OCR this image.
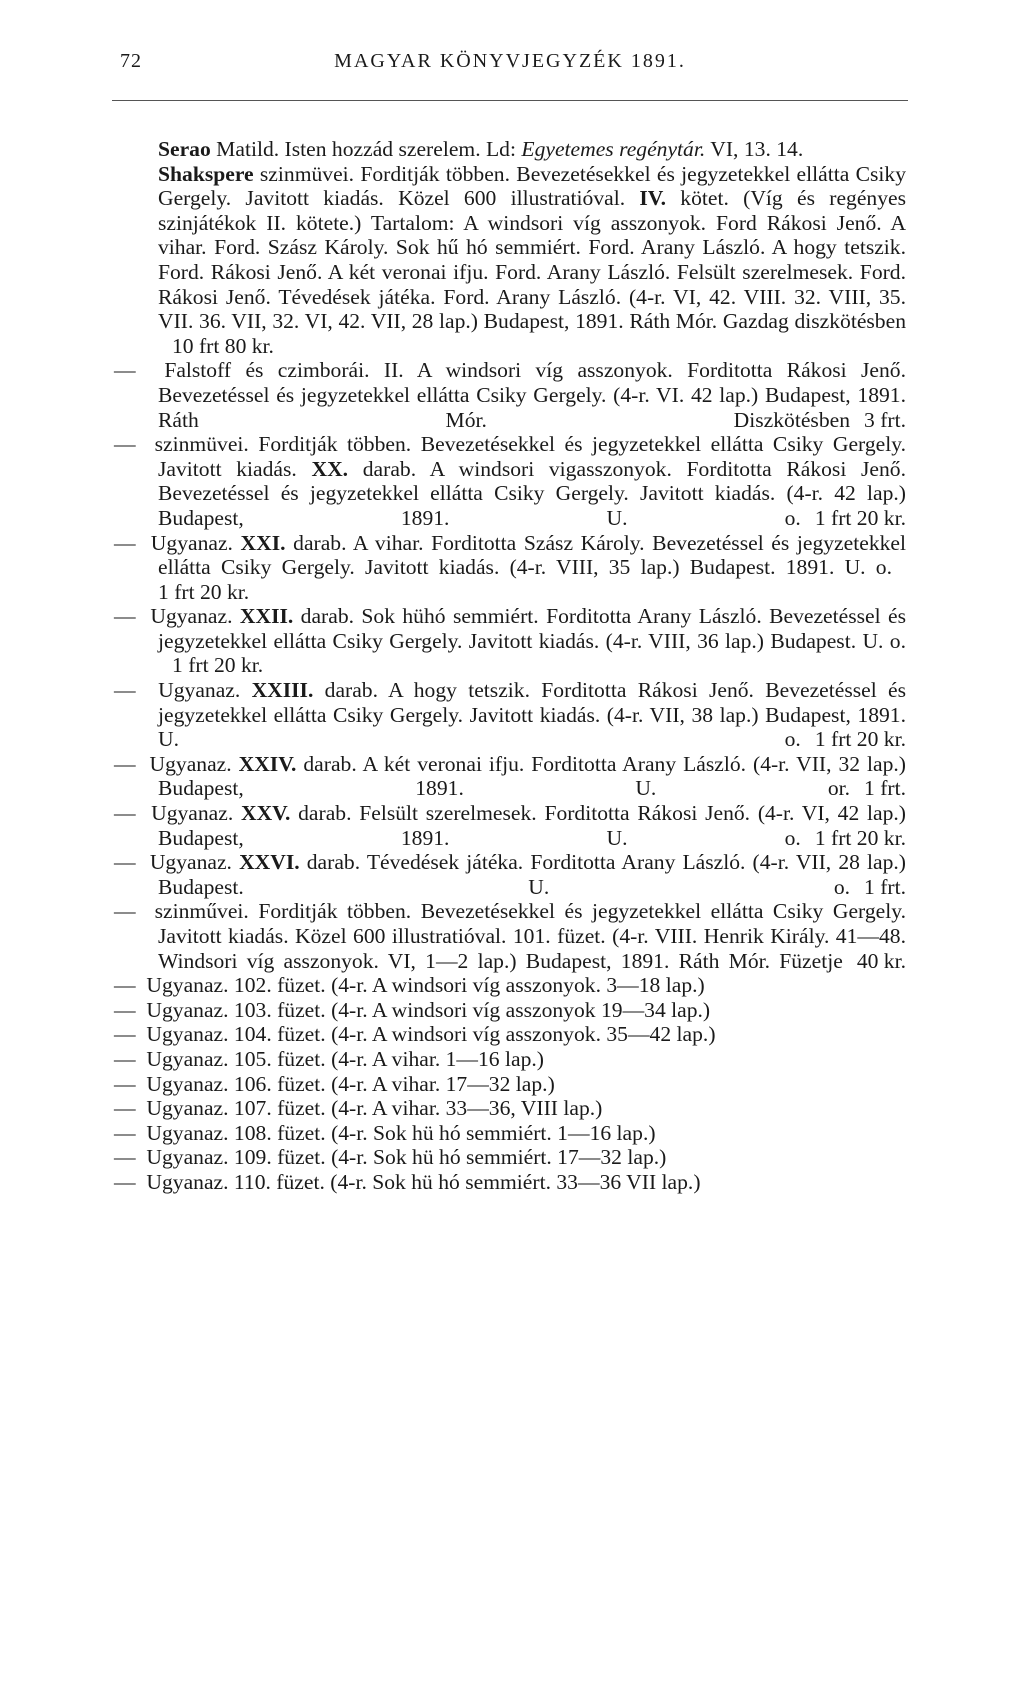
72	MAGYAR KÖNYVJEGYZÉK 1891.
Serao Matild. Isten hozzád szerelem. Ld: Egyetemes regénytár. VI, 13. 14.
Shakspere szinmüvei. Forditják többen. Bevezetésekkel és jegyzetekkel ellátta Csiky Gergely. Javitott kiadás. Közel 600 illustratióval. IV. kötet. (Víg és regényes szinjátékok II. kötete.) Tartalom: A windsori víg asszonyok. Ford Rákosi Jenő. A vihar. Ford. Szász Károly. Sok hű hó semmiért. Ford. Arany László. A hogy tetszik. Ford. Rákosi Jenő. A két veronai ifju. Ford. Arany László. Felsült szerelmesek. Ford. Rákosi Jenő. Tévedések játéka. Ford. Arany László. (4-r. VI, 42. VIII. 32. VIII, 35. VII. 36. VII, 32. VI, 42. VII, 28 lap.) Budapest, 1891. Ráth Mór. Gazdag diszkötésben10 frt 80 kr.
—  Falstoff és czimborái. II. A windsori víg asszonyok. Forditotta Rákosi Jenő. Bevezetéssel és jegyzetekkel ellátta Csiky Gergely. (4-r. VI. 42 lap.) Budapest, 1891. Ráth Mór. Diszkötésben 3 frt.
—  szinmüvei. Forditják többen. Bevezetésekkel és jegyzetekkel ellátta Csiky Gergely. Javitott kiadás. XX. darab. A windsori vigasszonyok. Forditotta Rákosi Jenő. Bevezetéssel és jegyzetekkel ellátta Csiky Gergely. Javitott kiadás. (4-r. 42 lap.) Budapest, 1891. U. o. 1 frt 20 kr.
—  Ugyanaz. XXI. darab. A vihar. Forditotta Szász Károly. Bevezetéssel és jegyzetekkel ellátta Csiky Gergely. Javitott kiadás. (4-r. VIII, 35 lap.) Budapest. 1891. U. o.1 frt 20 kr.
—  Ugyanaz. XXII. darab. Sok hühó semmiért. Forditotta Arany László. Bevezetéssel és jegyzetekkel ellátta Csiky Gergely. Javitott kiadás. (4-r. VIII, 36 lap.) Budapest. U. o.1 frt 20 kr.
—  Ugyanaz. XXIII. darab. A hogy tetszik. Forditotta Rákosi Jenő. Bevezetéssel és jegyzetekkel ellátta Csiky Gergely. Javitott kiadás. (4-r. VII, 38 lap.) Budapest, 1891. U. o. 1 frt 20 kr.
—  Ugyanaz. XXIV. darab. A két veronai ifju. Forditotta Arany László. (4-r. VII, 32 lap.) Budapest, 1891. U. or. 1 frt.
—  Ugyanaz. XXV. darab. Felsült szerelmesek. Forditotta Rákosi Jenő. (4-r. VI, 42 lap.) Budapest, 1891. U. o. 1 frt 20 kr.
—  Ugyanaz. XXVI. darab. Tévedések játéka. Forditotta Arany László. (4-r. VII, 28 lap.) Budapest. U. o. 1 frt.
—  szinművei. Forditják többen. Bevezetésekkel és jegyzetekkel ellátta Csiky Gergely. Javitott kiadás. Közel 600 illustratióval. 101. füzet. (4-r. VIII. Henrik Király. 41—48. Windsori víg asszonyok. VI, 1—2 lap.) Budapest, 1891. Ráth Mór. Füzetje 40 kr.
—  Ugyanaz. 102. füzet. (4-r. A windsori víg asszonyok. 3—18 lap.)
—  Ugyanaz. 103. füzet. (4-r. A windsori víg asszonyok 19—34 lap.)
—  Ugyanaz. 104. füzet. (4-r. A windsori víg asszonyok. 35—42 lap.)
—  Ugyanaz. 105. füzet. (4-r. A vihar. 1—16 lap.)
—  Ugyanaz. 106. füzet. (4-r. A vihar. 17—32 lap.)
—  Ugyanaz. 107. füzet. (4-r. A vihar. 33—36, VIII lap.)
—  Ugyanaz. 108. füzet. (4-r. Sok hü hó semmiért. 1—16 lap.)
—  Ugyanaz. 109. füzet. (4-r. Sok hü hó semmiért. 17—32 lap.)
—  Ugyanaz. 110. füzet. (4-r. Sok hü hó semmiért. 33—36 VII lap.)
